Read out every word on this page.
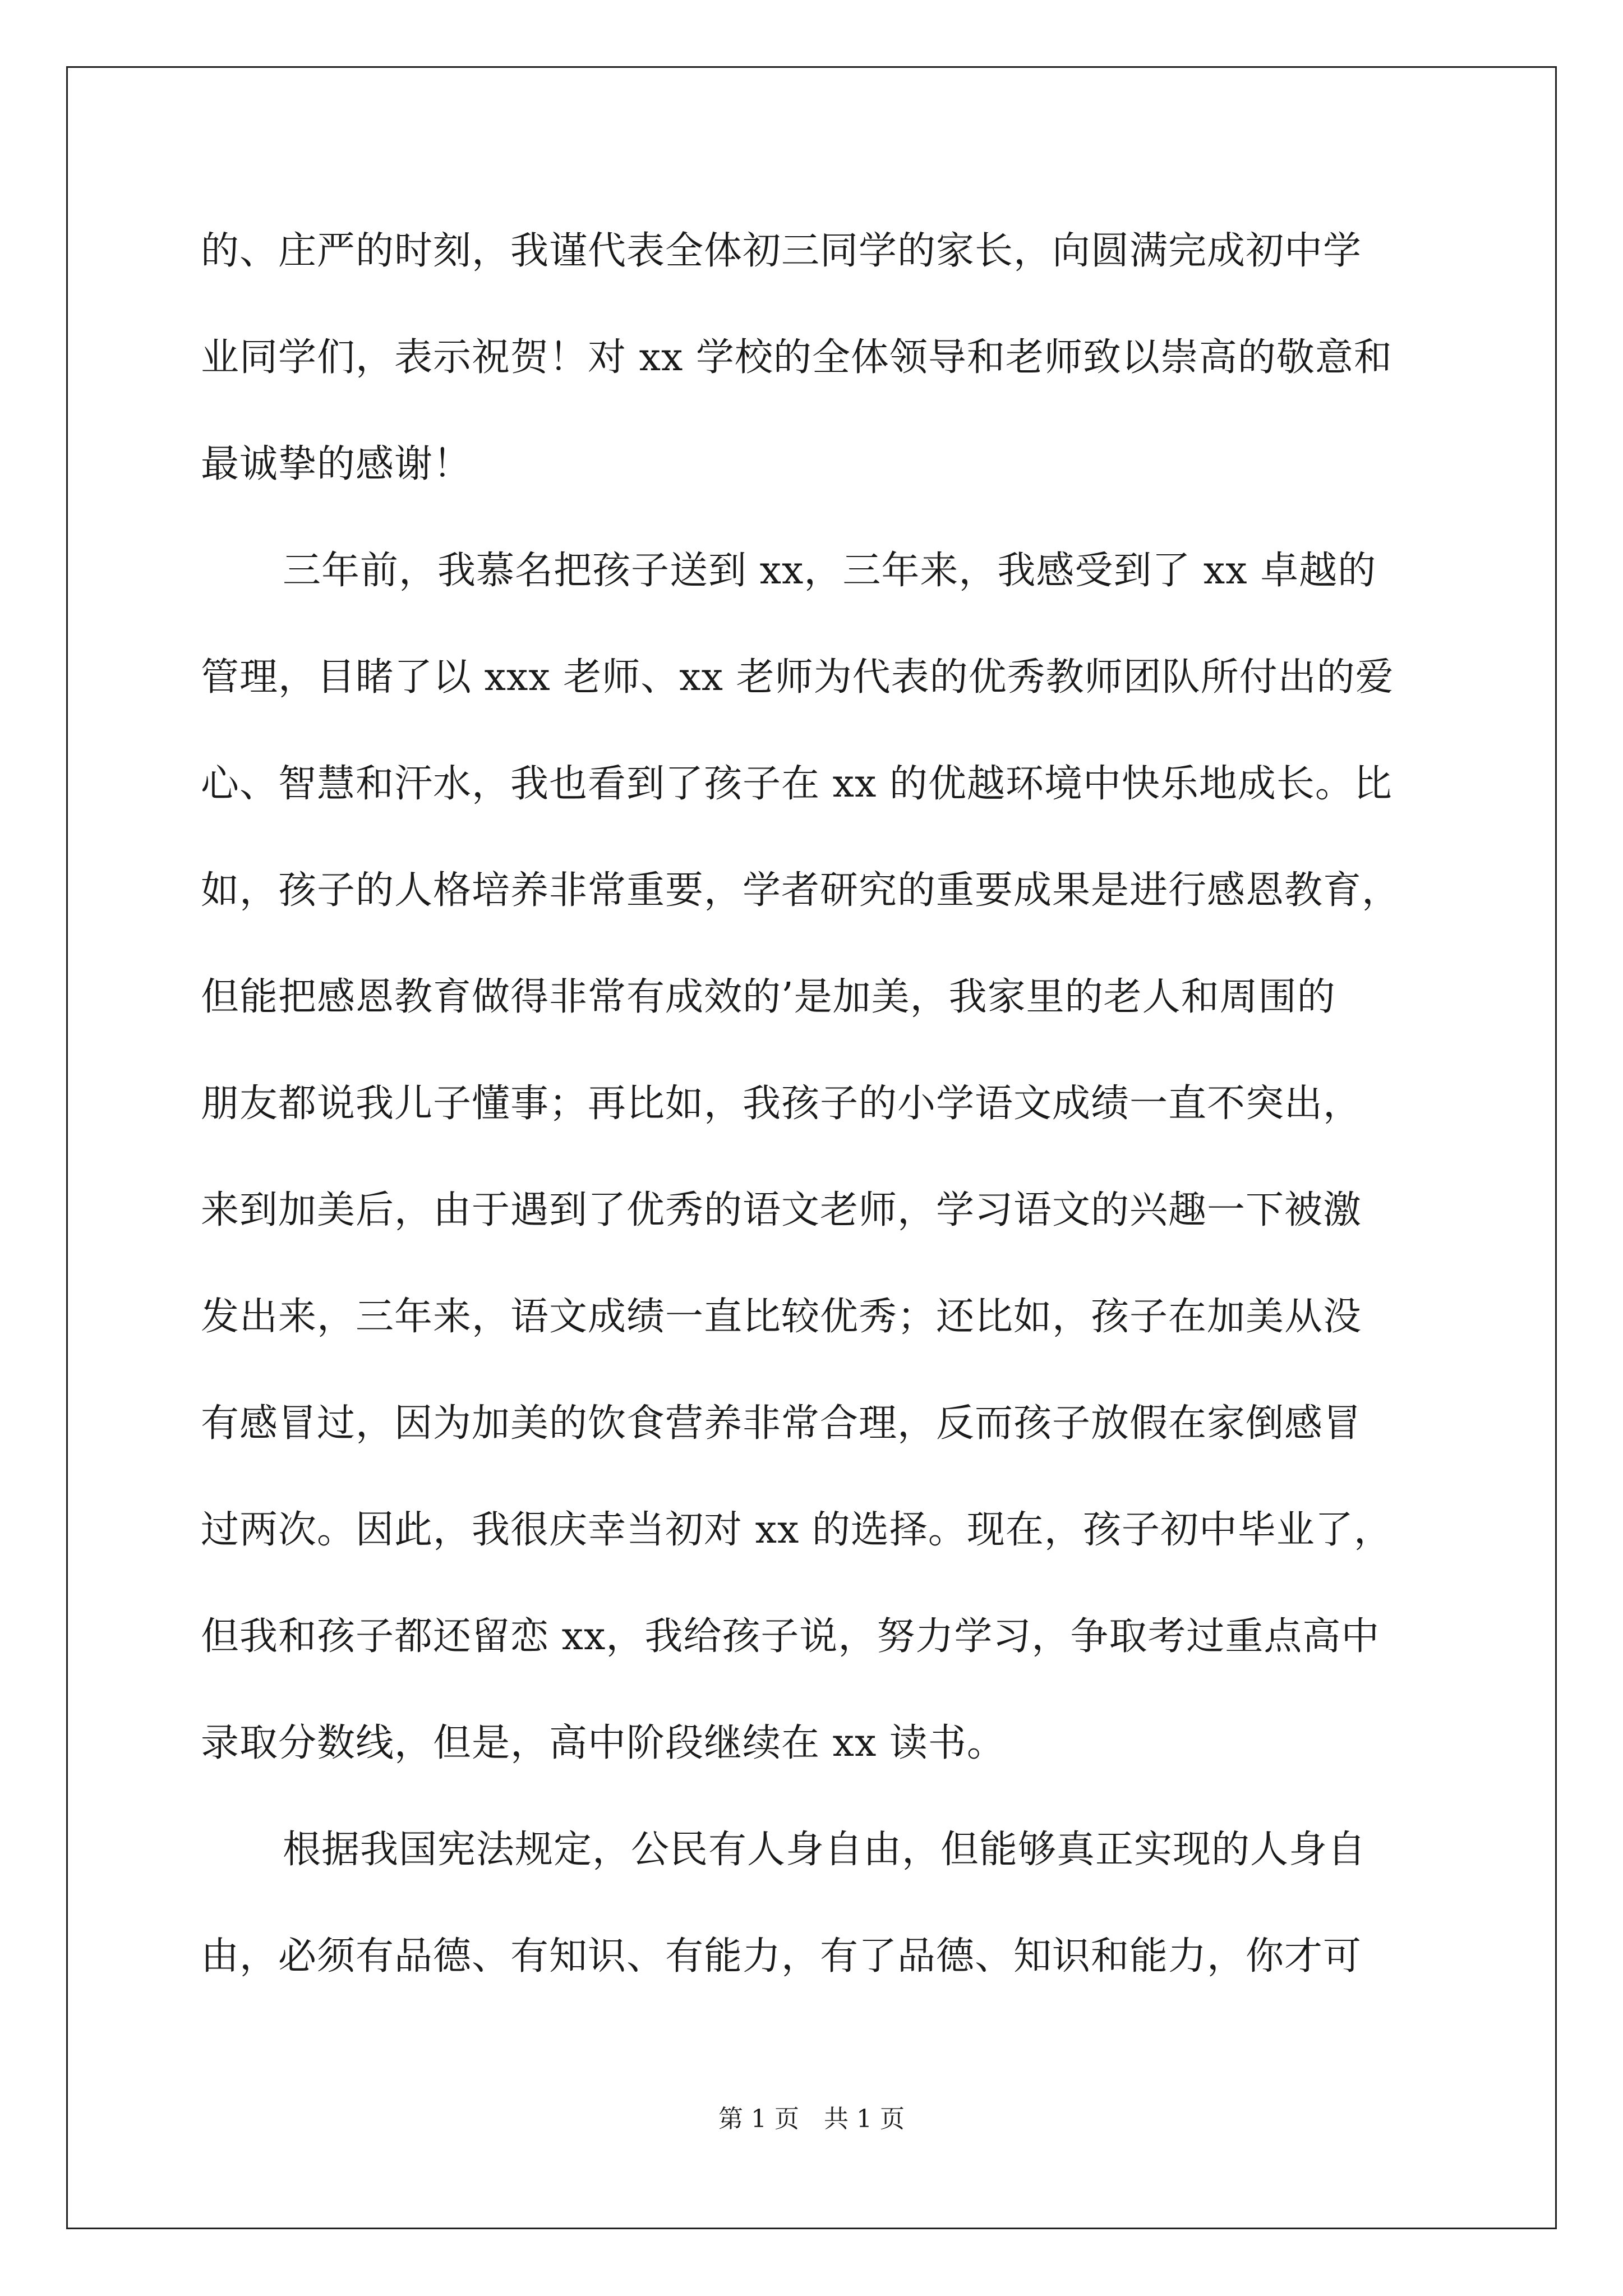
的、庄严的时刻，我谨代表全体初三同学的家长，向圆满完成初中学
业同学们，表示祝贺！对 xx 学校的全体领导和老师致以崇高的敬意和
最诚挚的感谢！
三年前，我慕名把孩子送到 xx，三年来，我感受到了 xx 卓越的
管理，目睹了以 xxx 老师、xx 老师为代表的优秀教师团队所付出的爱
心、智慧和汗水，我也看到了孩子在 xx 的优越环境中快乐地成长。比
如，孩子的人格培养非常重要，学者研究的重要成果是进行感恩教育，
但能把感恩教育做得非常有成效的’是加美，我家里的老人和周围的
朋友都说我儿子懂事；再比如，我孩子的小学语文成绩一直不突出，
来到加美后，由于遇到了优秀的语文老师，学习语文的兴趣一下被激
发出来，三年来，语文成绩一直比较优秀；还比如，孩子在加美从没
有感冒过，因为加美的饮食营养非常合理，反而孩子放假在家倒感冒
过两次。因此，我很庆幸当初对 xx 的选择。现在，孩子初中毕业了，
但我和孩子都还留恋 xx，我给孩子说，努力学习，争取考过重点高中
录取分数线，但是，高中阶段继续在 xx 读书。
根据我国宪法规定，公民有人身自由，但能够真正实现的人身自
由，必须有品德、有知识、有能力，有了品德、知识和能力，你才可
第 1 页　共 1 页
